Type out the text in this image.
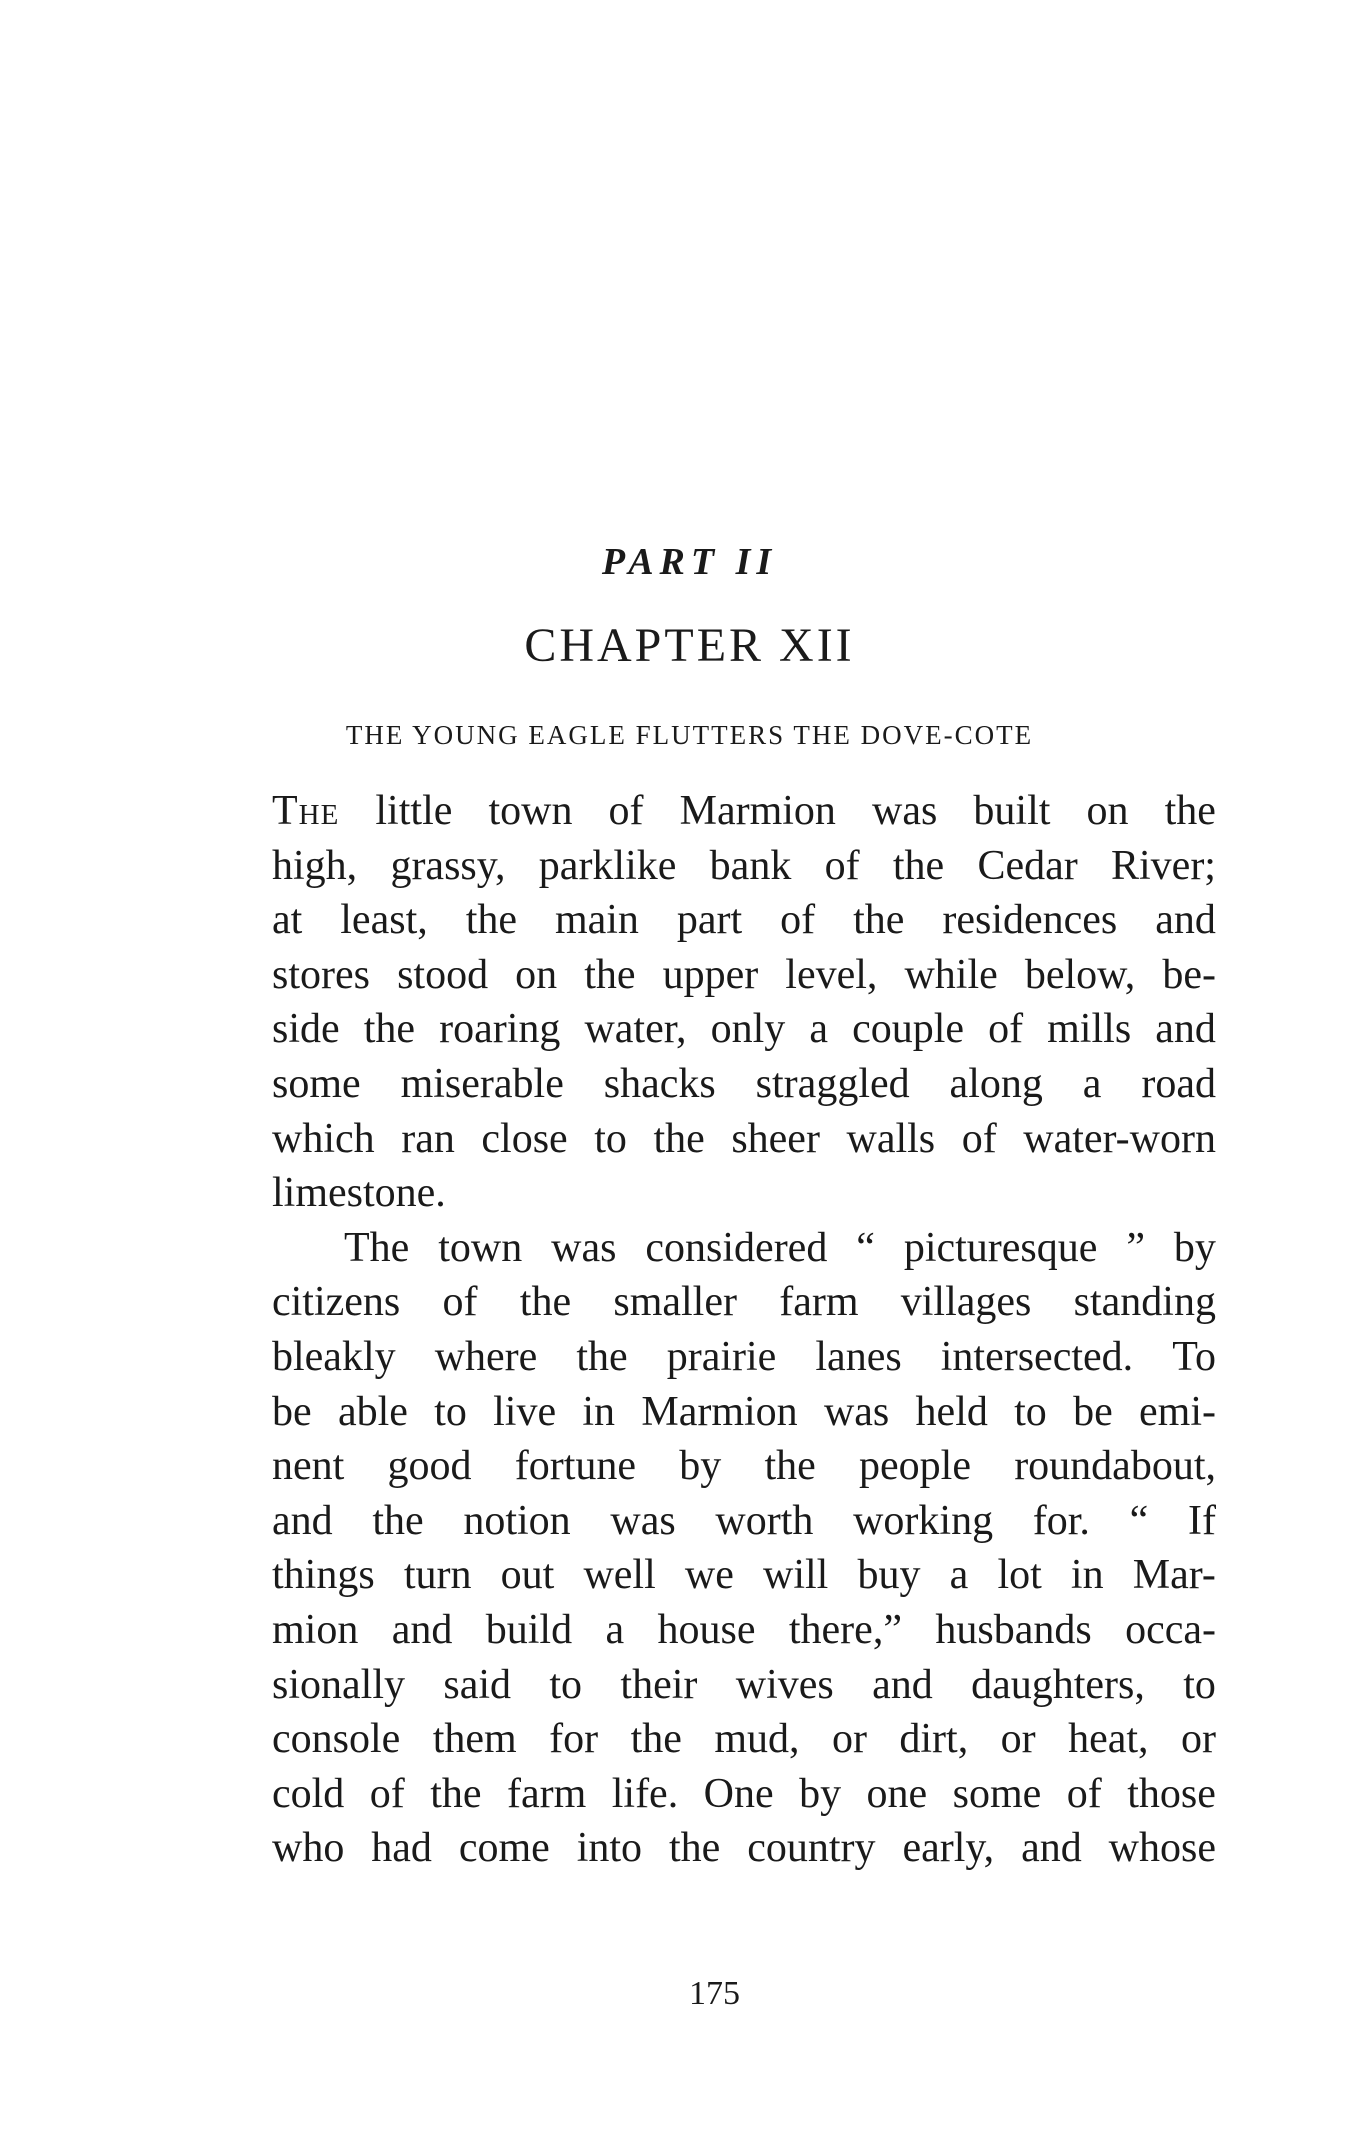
PART II
CHAPTER XII
THE YOUNG EAGLE FLUTTERS THE DOVE-COTE
The little town of Marmion was built on the
high, grassy, parklike bank of the Cedar River;
at least, the main part of the residences and
stores stood on the upper level, while below, be-
side the roaring water, only a couple of mills and
some miserable shacks straggled along a road
which ran close to the sheer walls of water-worn
limestone.
The town was considered “ picturesque ” by
citizens of the smaller farm villages standing
bleakly where the prairie lanes intersected. To
be able to live in Marmion was held to be emi-
nent good fortune by the people roundabout,
and the notion was worth working for. “ If
things turn out well we will buy a lot in Mar-
mion and build a house there,” husbands occa-
sionally said to their wives and daughters, to
console them for the mud, or dirt, or heat, or
cold of the farm life. One by one some of those
who had come into the country early, and whose
175
